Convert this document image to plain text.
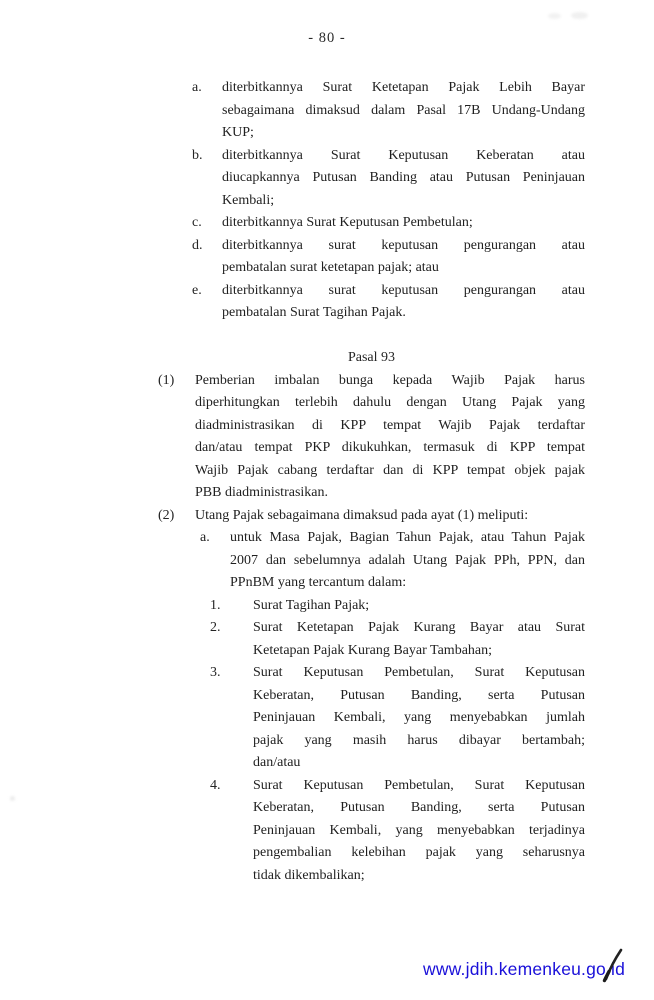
- 80 -
a.	diterbitkannya Surat Ketetapan Pajak Lebih Bayar
sebagaimana dimaksud dalam Pasal 17B Undang-Undang
KUP;
b.	diterbitkannya Surat Keputusan Keberatan atau
diucapkannya Putusan Banding atau Putusan Peninjauan
Kembali;
c.	diterbitkannya Surat Keputusan Pembetulan;
d.	diterbitkannya surat keputusan pengurangan atau
pembatalan surat ketetapan pajak; atau
e.	diterbitkannya surat keputusan pengurangan atau
pembatalan Surat Tagihan Pajak.
Pasal 93
(1)	Pemberian imbalan bunga kepada Wajib Pajak harus
diperhitungkan terlebih dahulu dengan Utang Pajak yang
diadministrasikan di KPP tempat Wajib Pajak terdaftar
dan/atau tempat PKP dikukuhkan, termasuk di KPP tempat
Wajib Pajak cabang terdaftar dan di KPP tempat objek pajak
PBB diadministrasikan.
(2)	Utang Pajak sebagaimana dimaksud pada ayat (1) meliputi:
a.	untuk Masa Pajak, Bagian Tahun Pajak, atau Tahun Pajak
2007 dan sebelumnya adalah Utang Pajak PPh, PPN, dan
PPnBM yang tercantum dalam:
1.	Surat Tagihan Pajak;
2.	Surat Ketetapan Pajak Kurang Bayar atau Surat
Ketetapan Pajak Kurang Bayar Tambahan;
3.	Surat Keputusan Pembetulan, Surat Keputusan
Keberatan, Putusan Banding, serta Putusan
Peninjauan Kembali, yang menyebabkan jumlah
pajak yang masih harus dibayar bertambah;
dan/atau
4.	Surat Keputusan Pembetulan, Surat Keputusan
Keberatan, Putusan Banding, serta Putusan
Peninjauan Kembali, yang menyebabkan terjadinya
pengembalian kelebihan pajak yang seharusnya
tidak dikembalikan;
www.jdih.kemenkeu.go.id
